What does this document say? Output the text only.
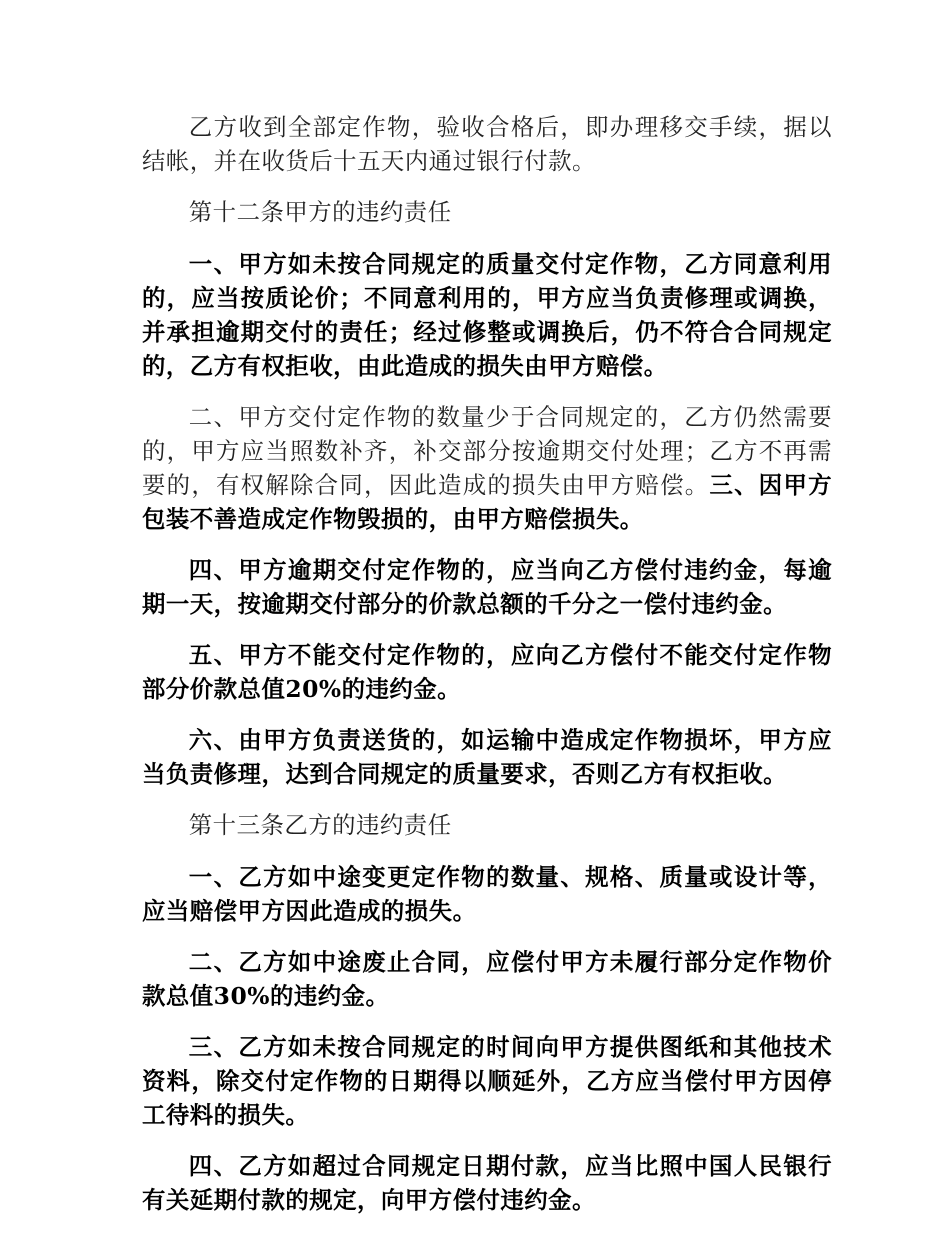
乙方收到全部定作物，验收合格后，即办理移交手续，据以结帐，并在收货后十五天内通过银行付款。

第十二条甲方的违约责任

一、甲方如未按合同规定的质量交付定作物，乙方同意利用的，应当按质论价；不同意利用的，甲方应当负责修理或调换，并承担逾期交付的责任；经过修整或调换后，仍不符合合同规定的，乙方有权拒收，由此造成的损失由甲方赔偿。

二、甲方交付定作物的数量少于合同规定的，乙方仍然需要的，甲方应当照数补齐，补交部分按逾期交付处理；乙方不再需要的，有权解除合同，因此造成的损失由甲方赔偿。三、因甲方包装不善造成定作物毁损的，由甲方赔偿损失。

四、甲方逾期交付定作物的，应当向乙方偿付违约金，每逾期一天，按逾期交付部分的价款总额的千分之一偿付违约金。

五、甲方不能交付定作物的，应向乙方偿付不能交付定作物部分价款总值20%的违约金。

六、由甲方负责送货的，如运输中造成定作物损坏，甲方应当负责修理，达到合同规定的质量要求，否则乙方有权拒收。

第十三条乙方的违约责任

一、乙方如中途变更定作物的数量、规格、质量或设计等，应当赔偿甲方因此造成的损失。

二、乙方如中途废止合同，应偿付甲方未履行部分定作物价款总值30%的违约金。

三、乙方如未按合同规定的时间向甲方提供图纸和其他技术资料，除交付定作物的日期得以顺延外，乙方应当偿付甲方因停工待料的损失。

四、乙方如超过合同规定日期付款，应当比照中国人民银行有关延期付款的规定，向甲方偿付违约金。
